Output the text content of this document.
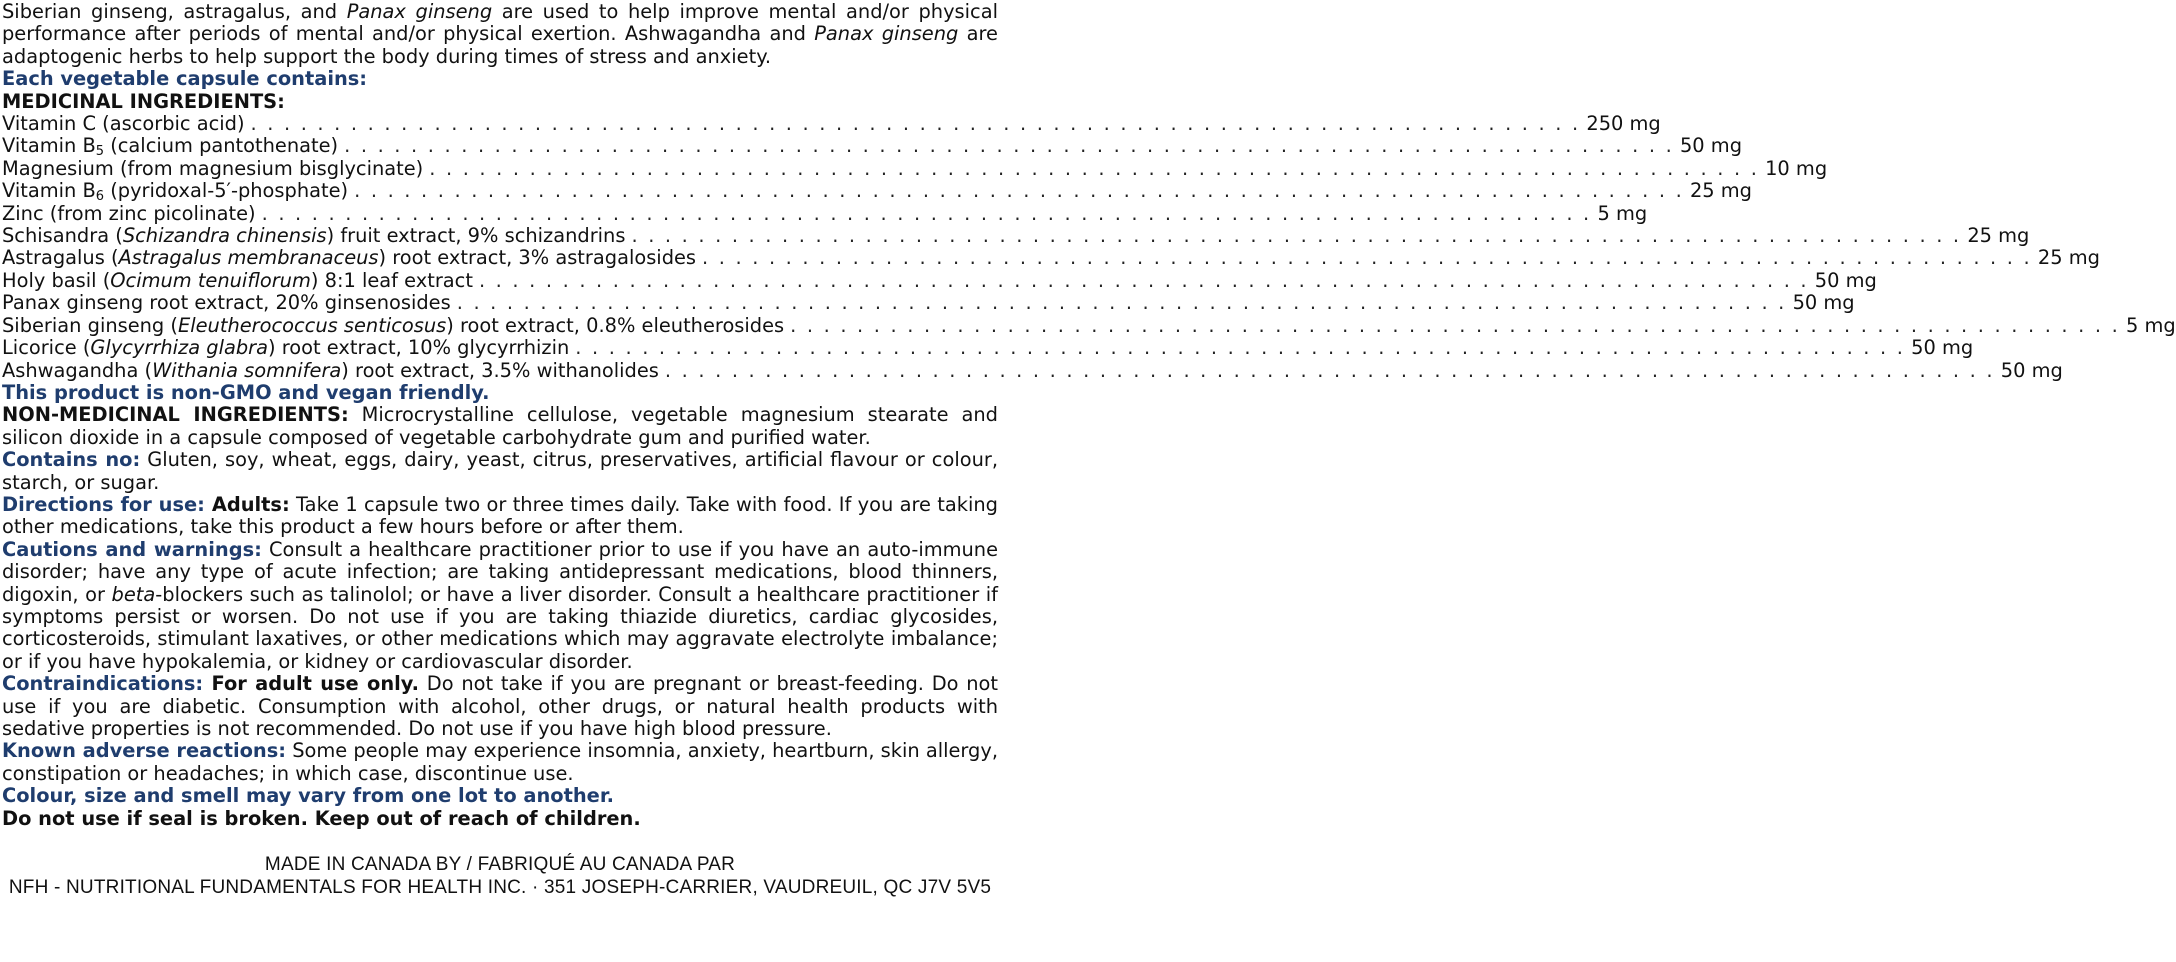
Siberian ginseng, astragalus, and Panax ginseng are used to help improve mental and/or physical performance after periods of mental and/or physical exertion. Ashwagandha and Panax ginseng are adaptogenic herbs to help support the body during times of stress and anxiety.
Each vegetable capsule contains:
MEDICINAL INGREDIENTS:
Vitamin C (ascorbic acid) . . . . . . . . . . . . . . . . . . . . . . . . . . . . . . . . . . . . . . . . . . . . . . . . . . . . . . . . . . . . . . . . . . . . . . . . . . . . . . . . 250 mg
Vitamin $B_5$ (calcium pantothenate) . . . . . . . . . . . . . . . . . . . . . . . . . . . . . . . . . . . . . . . . . . . . . . . . . . . . . . . . . . . . . . . . . . . . . . . . . . . . . . . . 50 mg
Magnesium (from magnesium bisglycinate) . . . . . . . . . . . . . . . . . . . . . . . . . . . . . . . . . . . . . . . . . . . . . . . . . . . . . . . . . . . . . . . . . . . . . . . . . . . . . . . . 10 mg
Vitamin $B_6$ (pyridoxal-5′-phosphate) . . . . . . . . . . . . . . . . . . . . . . . . . . . . . . . . . . . . . . . . . . . . . . . . . . . . . . . . . . . . . . . . . . . . . . . . . . . . . . . . 25 mg
Zinc (from zinc picolinate) . . . . . . . . . . . . . . . . . . . . . . . . . . . . . . . . . . . . . . . . . . . . . . . . . . . . . . . . . . . . . . . . . . . . . . . . . . . . . . . . 5 mg
Schisandra (Schizandra chinensis) fruit extract, 9% schizandrins . . . . . . . . . . . . . . . . . . . . . . . . . . . . . . . . . . . . . . . . . . . . . . . . . . . . . . . . . . . . . . . . . . . . . . . . . . . . . . . . 25 mg
Astragalus (Astragalus membranaceus) root extract, 3% astragalosides . . . . . . . . . . . . . . . . . . . . . . . . . . . . . . . . . . . . . . . . . . . . . . . . . . . . . . . . . . . . . . . . . . . . . . . . . . . . . . . . 25 mg
Holy basil (Ocimum tenuiflorum) 8:1 leaf extract . . . . . . . . . . . . . . . . . . . . . . . . . . . . . . . . . . . . . . . . . . . . . . . . . . . . . . . . . . . . . . . . . . . . . . . . . . . . . . . . 50 mg
Panax ginseng root extract, 20% ginsenosides . . . . . . . . . . . . . . . . . . . . . . . . . . . . . . . . . . . . . . . . . . . . . . . . . . . . . . . . . . . . . . . . . . . . . . . . . . . . . . . . 50 mg
Siberian ginseng (Eleutherococcus senticosus) root extract, 0.8% eleutherosides . . . . . . . . . . . . . . . . . . . . . . . . . . . . . . . . . . . . . . . . . . . . . . . . . . . . . . . . . . . . . . . . . . . . . . . . . . . . . . . . 5 mg
Licorice (Glycyrrhiza glabra) root extract, 10% glycyrrhizin . . . . . . . . . . . . . . . . . . . . . . . . . . . . . . . . . . . . . . . . . . . . . . . . . . . . . . . . . . . . . . . . . . . . . . . . . . . . . . . . 50 mg
Ashwagandha (Withania somnifera) root extract, 3.5% withanolides . . . . . . . . . . . . . . . . . . . . . . . . . . . . . . . . . . . . . . . . . . . . . . . . . . . . . . . . . . . . . . . . . . . . . . . . . . . . . . . . 50 mg
This product is non-GMO and vegan friendly.
NON-MEDICINAL INGREDIENTS: Microcrystalline cellulose, vegetable magnesium stearate and silicon dioxide in a capsule composed of vegetable carbohydrate gum and purified water.
Contains no: Gluten, soy, wheat, eggs, dairy, yeast, citrus, preservatives, artificial flavour or colour, starch, or sugar.
Directions for use: Adults: Take 1 capsule two or three times daily. Take with food. If you are taking other medications, take this product a few hours before or after them.
Cautions and warnings: Consult a healthcare practitioner prior to use if you have an auto-immune disorder; have any type of acute infection; are taking antidepressant medications, blood thinners, digoxin, or beta-blockers such as talinolol; or have a liver disorder. Consult a healthcare practitioner if symptoms persist or worsen. Do not use if you are taking thiazide diuretics, cardiac glycosides, corticosteroids, stimulant laxatives, or other medications which may aggravate electrolyte imbalance; or if you have hypokalemia, or kidney or cardiovascular disorder.
Contraindications: For adult use only. Do not take if you are pregnant or breast-feeding. Do not use if you are diabetic. Consumption with alcohol, other drugs, or natural health products with sedative properties is not recommended. Do not use if you have high blood pressure.
Known adverse reactions: Some people may experience insomnia, anxiety, heartburn, skin allergy, constipation or headaches; in which case, discontinue use.
Colour, size and smell may vary from one lot to another.
Do not use if seal is broken. Keep out of reach of children.
MADE IN CANADA BY / FABRIQUÉ AU CANADA PAR
NFH - NUTRITIONAL FUNDAMENTALS FOR HEALTH INC. · 351 JOSEPH-CARRIER, VAUDREUIL, QC J7V 5V5
